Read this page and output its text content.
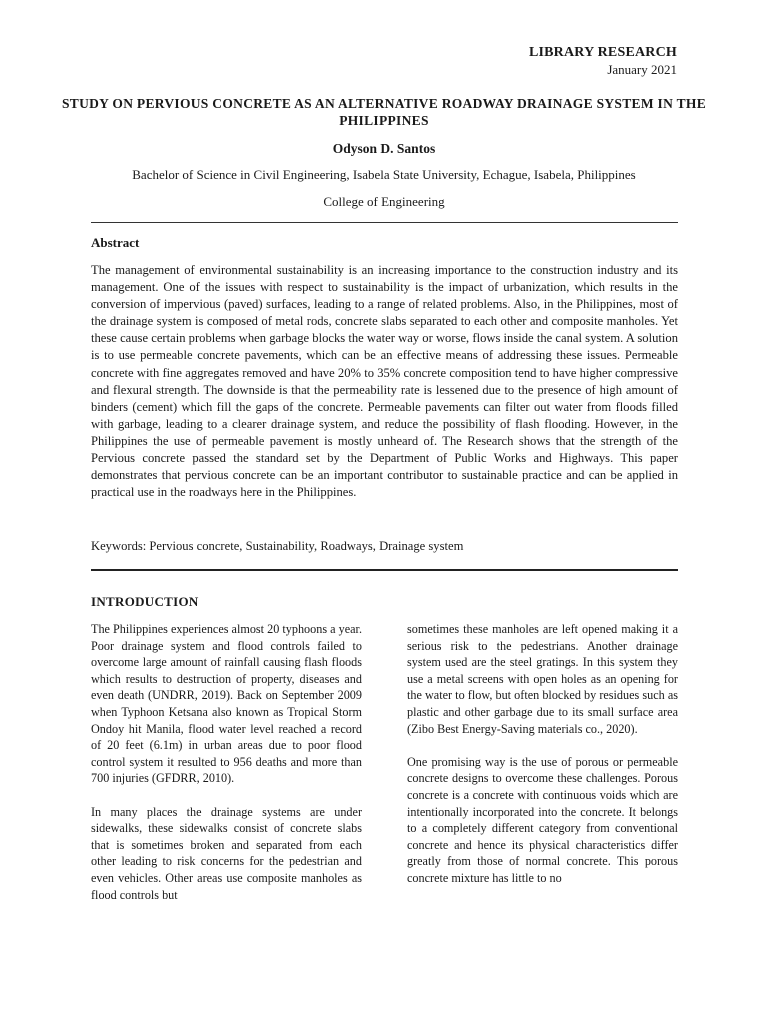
LIBRARY RESEARCH
January 2021
STUDY ON PERVIOUS CONCRETE AS AN ALTERNATIVE ROADWAY DRAINAGE SYSTEM IN THE PHILIPPINES
Odyson D. Santos
Bachelor of Science in Civil Engineering, Isabela State University, Echague, Isabela, Philippines
College of Engineering
Abstract

The management of environmental sustainability is an increasing importance to the construction industry and its management. One of the issues with respect to sustainability is the impact of urbanization, which results in the conversion of impervious (paved) surfaces, leading to a range of related problems. Also, in the Philippines, most of the drainage system is composed of metal rods, concrete slabs separated to each other and composite manholes. Yet these cause certain problems when garbage blocks the water way or worse, flows inside the canal system. A solution is to use permeable concrete pavements, which can be an effective means of addressing these issues. Permeable concrete with fine aggregates removed and have 20% to 35% concrete composition tend to have higher compressive and flexural strength. The downside is that the permeability rate is lessened due to the presence of high amount of binders (cement) which fill the gaps of the concrete. Permeable pavements can filter out water from floods filled with garbage, leading to a clearer drainage system, and reduce the possibility of flash flooding. However, in the Philippines the use of permeable pavement is mostly unheard of. The Research shows that the strength of the Pervious concrete passed the standard set by the Department of Public Works and Highways. This paper demonstrates that pervious concrete can be an important contributor to sustainable practice and can be applied in practical use in the roadways here in the Philippines.

Keywords: Pervious concrete, Sustainability, Roadways, Drainage system

INTRODUCTION

The Philippines experiences almost 20 typhoons a year. Poor drainage system and flood controls failed to overcome large amount of rainfall causing flash floods which results to destruction of property, diseases and even death (UNDRR, 2019). Back on September 2009 when Typhoon Ketsana also known as Tropical Storm Ondoy hit Manila, flood water level reached a record of 20 feet (6.1m) in urban areas due to poor flood control system it resulted to 956 deaths and more than 700 injuries (GFDRR, 2010).

In many places the drainage systems are under sidewalks, these sidewalks consist of concrete slabs that is sometimes broken and separated from each other leading to risk concerns for the pedestrian and even vehicles. Other areas use composite manholes as flood controls but

sometimes these manholes are left opened making it a serious risk to the pedestrians. Another drainage system used are the steel gratings. In this system they use a metal screens with open holes as an opening for the water to flow, but often blocked by residues such as plastic and other garbage due to its small surface area (Zibo Best Energy-Saving materials co., 2020).

One promising way is the use of porous or permeable concrete designs to overcome these challenges. Porous concrete is a concrete with continuous voids which are intentionally incorporated into the concrete. It belongs to a completely different category from conventional concrete and hence its physical characteristics differ greatly from those of normal concrete. This porous concrete mixture has little to no
